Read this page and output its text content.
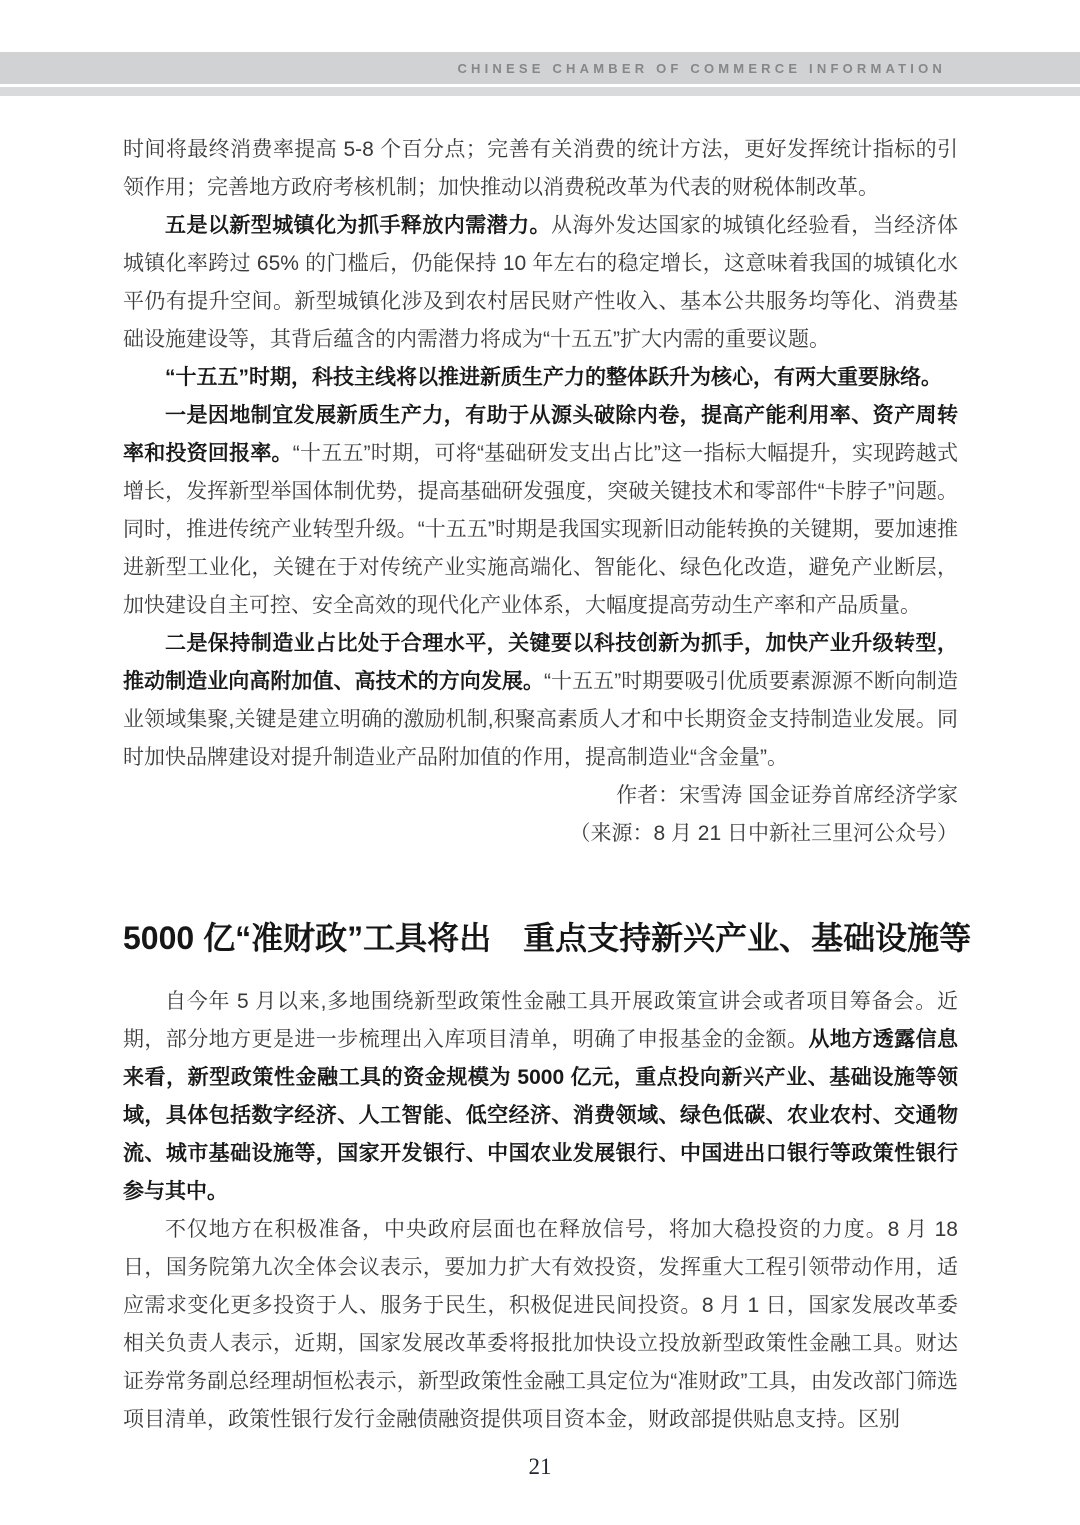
CHINESE CHAMBER OF COMMERCE INFORMATION

时间将最终消费率提高 5-8 个百分点；完善有关消费的统计方法，更好发挥统计指标的引领作用；完善地方政府考核机制；加快推动以消费税改革为代表的财税体制改革。

五是以新型城镇化为抓手释放内需潜力。从海外发达国家的城镇化经验看，当经济体城镇化率跨过 65% 的门槛后，仍能保持 10 年左右的稳定增长，这意味着我国的城镇化水平仍有提升空间。新型城镇化涉及到农村居民财产性收入、基本公共服务均等化、消费基础设施建设等，其背后蕴含的内需潜力将成为“十五五”扩大内需的重要议题。

“十五五”时期，科技主线将以推进新质生产力的整体跃升为核心，有两大重要脉络。

一是因地制宜发展新质生产力，有助于从源头破除内卷，提高产能利用率、资产周转率和投资回报率。“十五五”时期，可将“基础研发支出占比”这一指标大幅提升，实现跨越式增长，发挥新型举国体制优势，提高基础研发强度，突破关键技术和零部件“卡脖子”问题。同时，推进传统产业转型升级。“十五五”时期是我国实现新旧动能转换的关键期，要加速推进新型工业化，关键在于对传统产业实施高端化、智能化、绿色化改造，避免产业断层，加快建设自主可控、安全高效的现代化产业体系，大幅度提高劳动生产率和产品质量。

二是保持制造业占比处于合理水平，关键要以科技创新为抓手，加快产业升级转型，推动制造业向高附加值、高技术的方向发展。“十五五”时期要吸引优质要素源源不断向制造业领域集聚,关键是建立明确的激励机制,积聚高素质人才和中长期资金支持制造业发展。同时加快品牌建设对提升制造业产品附加值的作用，提高制造业“含金量”。

作者：宋雪涛 国金证券首席经济学家

（来源：8 月 21 日中新社三里河公众号）

5000 亿“准财政”工具将出　重点支持新兴产业、基础设施等

自今年 5 月以来,多地围绕新型政策性金融工具开展政策宣讲会或者项目筹备会。近期，部分地方更是进一步梳理出入库项目清单，明确了申报基金的金额。从地方透露信息来看，新型政策性金融工具的资金规模为 5000 亿元，重点投向新兴产业、基础设施等领域，具体包括数字经济、人工智能、低空经济、消费领域、绿色低碳、农业农村、交通物流、城市基础设施等，国家开发银行、中国农业发展银行、中国进出口银行等政策性银行参与其中。

不仅地方在积极准备，中央政府层面也在释放信号，将加大稳投资的力度。8 月 18 日，国务院第九次全体会议表示，要加力扩大有效投资，发挥重大工程引领带动作用，适应需求变化更多投资于人、服务于民生，积极促进民间投资。8 月 1 日，国家发展改革委相关负责人表示，近期，国家发展改革委将报批加快设立投放新型政策性金融工具。财达证券常务副总经理胡恒松表示，新型政策性金融工具定位为“准财政”工具，由发改部门筛选项目清单，政策性银行发行金融债融资提供项目资本金，财政部提供贴息支持。区别

21
